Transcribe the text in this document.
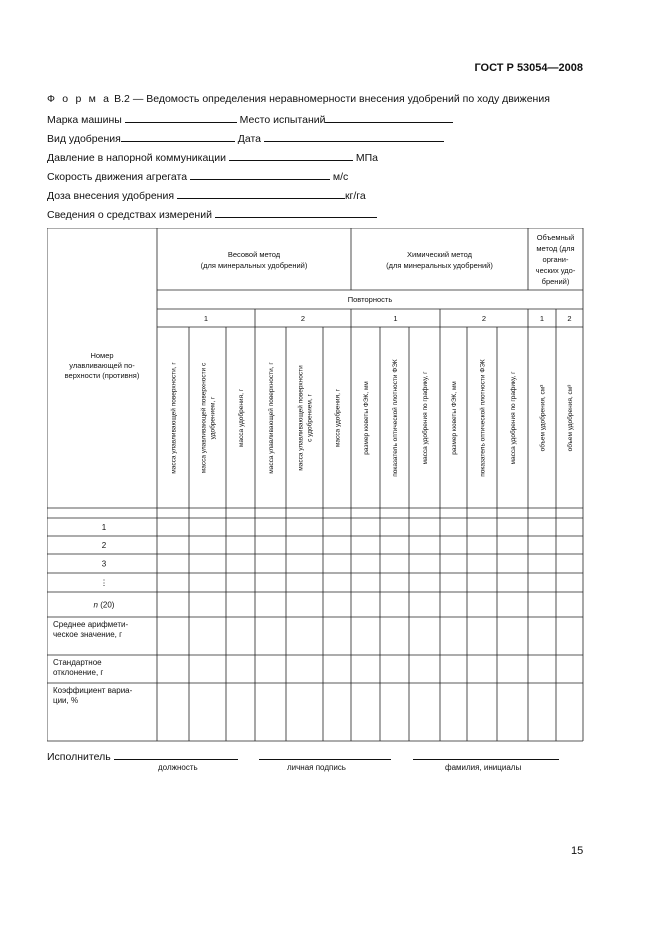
ГОСТ Р 53054—2008
Ф о р м а В.2 — Ведомость определения неравномерности внесения удобрений по ходу движения
Марка машины	Место испытаний
Вид удобрения	Дата
Давление в напорной коммуникации	МПа
Скорость движения агрегата	м/с
Доза внесения удобрения	кг/га
Сведения о средствах измерений
Номер
улавливающей по-
верхности (противня)
Весовой метод
(для минеральных удобрений)
Химический метод
(для минеральных удобрений)
Объемный
метод (для
органи-
ческих удо-
брений)
Повторность
1	2	1	2	1	2
масса улавливающей поверхности, г	масса улавливающей поверхности с удобрением, г	масса удобрения, г	масса улавливающей поверхности, г	масса улавливающей поверхности с удобрением, г	масса удобрения, г	размер кюветы ФЭК, мм	показатель оптической плотности ФЭК	масса удобрения по графику, г	размер кюветы ФЭК, мм	показатель оптической плотности ФЭК	масса удобрения по графику, г	объем удобрения, см³	объем удобрения, см³
1
2
3
⋮
n (20)
Среднее арифмети-
ческое значение, г
Стандартное
отклонение, г
Коэффициент вариа-
ции, %
Исполнитель
должность	личная подпись	фамилия, инициалы
15
